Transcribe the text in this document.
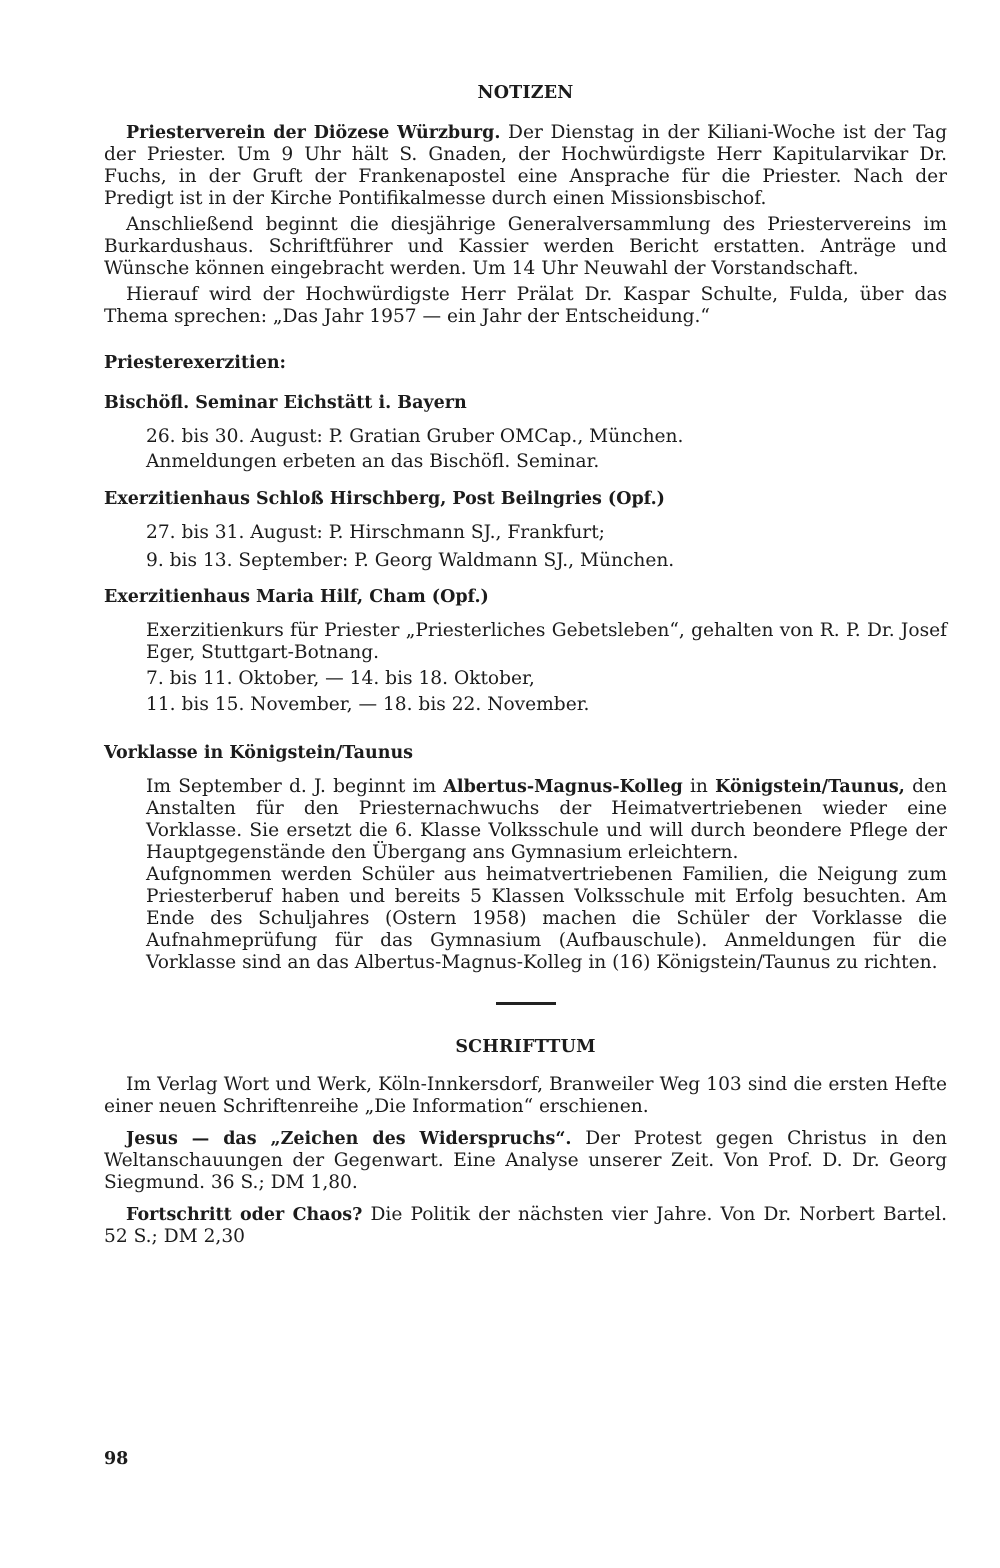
NOTIZEN

Priesterverein der Diözese Würzburg. Der Dienstag in der Kiliani-Woche ist der Tag der Priester. Um 9 Uhr hält S. Gnaden, der Hochwürdigste Herr Kapitularvikar Dr. Fuchs, in der Gruft der Frankenapostel eine Ansprache für die Priester. Nach der Predigt ist in der Kirche Pontifikalmesse durch einen Missionsbischof.

Anschließend beginnt die diesjährige Generalversammlung des Priestervereins im Burkardushaus. Schriftführer und Kassier werden Bericht erstatten. Anträge und Wünsche können eingebracht werden. Um 14 Uhr Neuwahl der Vorstandschaft.

Hierauf wird der Hochwürdigste Herr Prälat Dr. Kaspar Schulte, Fulda, über das Thema sprechen: „Das Jahr 1957 — ein Jahr der Entscheidung.“

Priesterexerzitien:
Bischöfl. Seminar Eichstätt i. Bayern

26. bis 30. August: P. Gratian Gruber OMCap., München.

Anmeldungen erbeten an das Bischöfl. Seminar.

Exerzitienhaus Schloß Hirschberg, Post Beilngries (Opf.)

27. bis 31. August: P. Hirschmann SJ., Frankfurt;

9. bis 13. September: P. Georg Waldmann SJ., München.

Exerzitienhaus Maria Hilf, Cham (Opf.)

Exerzitienkurs für Priester „Priesterliches Gebetsleben“, gehalten von R. P. Dr. Josef Eger, Stuttgart-Botnang.

7. bis 11. Oktober, — 14. bis 18. Oktober,

11. bis 15. November, — 18. bis 22. November.

Vorklasse in Königstein/Taunus

Im September d. J. beginnt im Albertus-Magnus-Kolleg in Königstein/Taunus, den Anstalten für den Priesternachwuchs der Heimatvertriebenen wieder eine Vorklasse. Sie ersetzt die 6. Klasse Volksschule und will durch beondere Pflege der Hauptgegenstände den Übergang ans Gymnasium erleichtern.

Aufgnommen werden Schüler aus heimatvertriebenen Familien, die Neigung zum Priesterberuf haben und bereits 5 Klassen Volksschule mit Erfolg besuchten. Am Ende des Schuljahres (Ostern 1958) machen die Schüler der Vorklasse die Aufnahmeprüfung für das Gymnasium (Aufbauschule). Anmeldungen für die Vorklasse sind an das Albertus-Magnus-Kolleg in (16) Königstein/Taunus zu richten.

SCHRIFTTUM

Im Verlag Wort und Werk, Köln-Innkersdorf, Branweiler Weg 103 sind die ersten Hefte einer neuen Schriftenreihe „Die Information“ erschienen.

Jesus — das „Zeichen des Widerspruchs“. Der Protest gegen Christus in den Weltanschauungen der Gegenwart. Eine Analyse unserer Zeit. Von Prof. D. Dr. Georg Siegmund. 36 S.; DM 1,80.

Fortschritt oder Chaos? Die Politik der nächsten vier Jahre. Von Dr. Norbert Bartel. 52 S.; DM 2,30

98
